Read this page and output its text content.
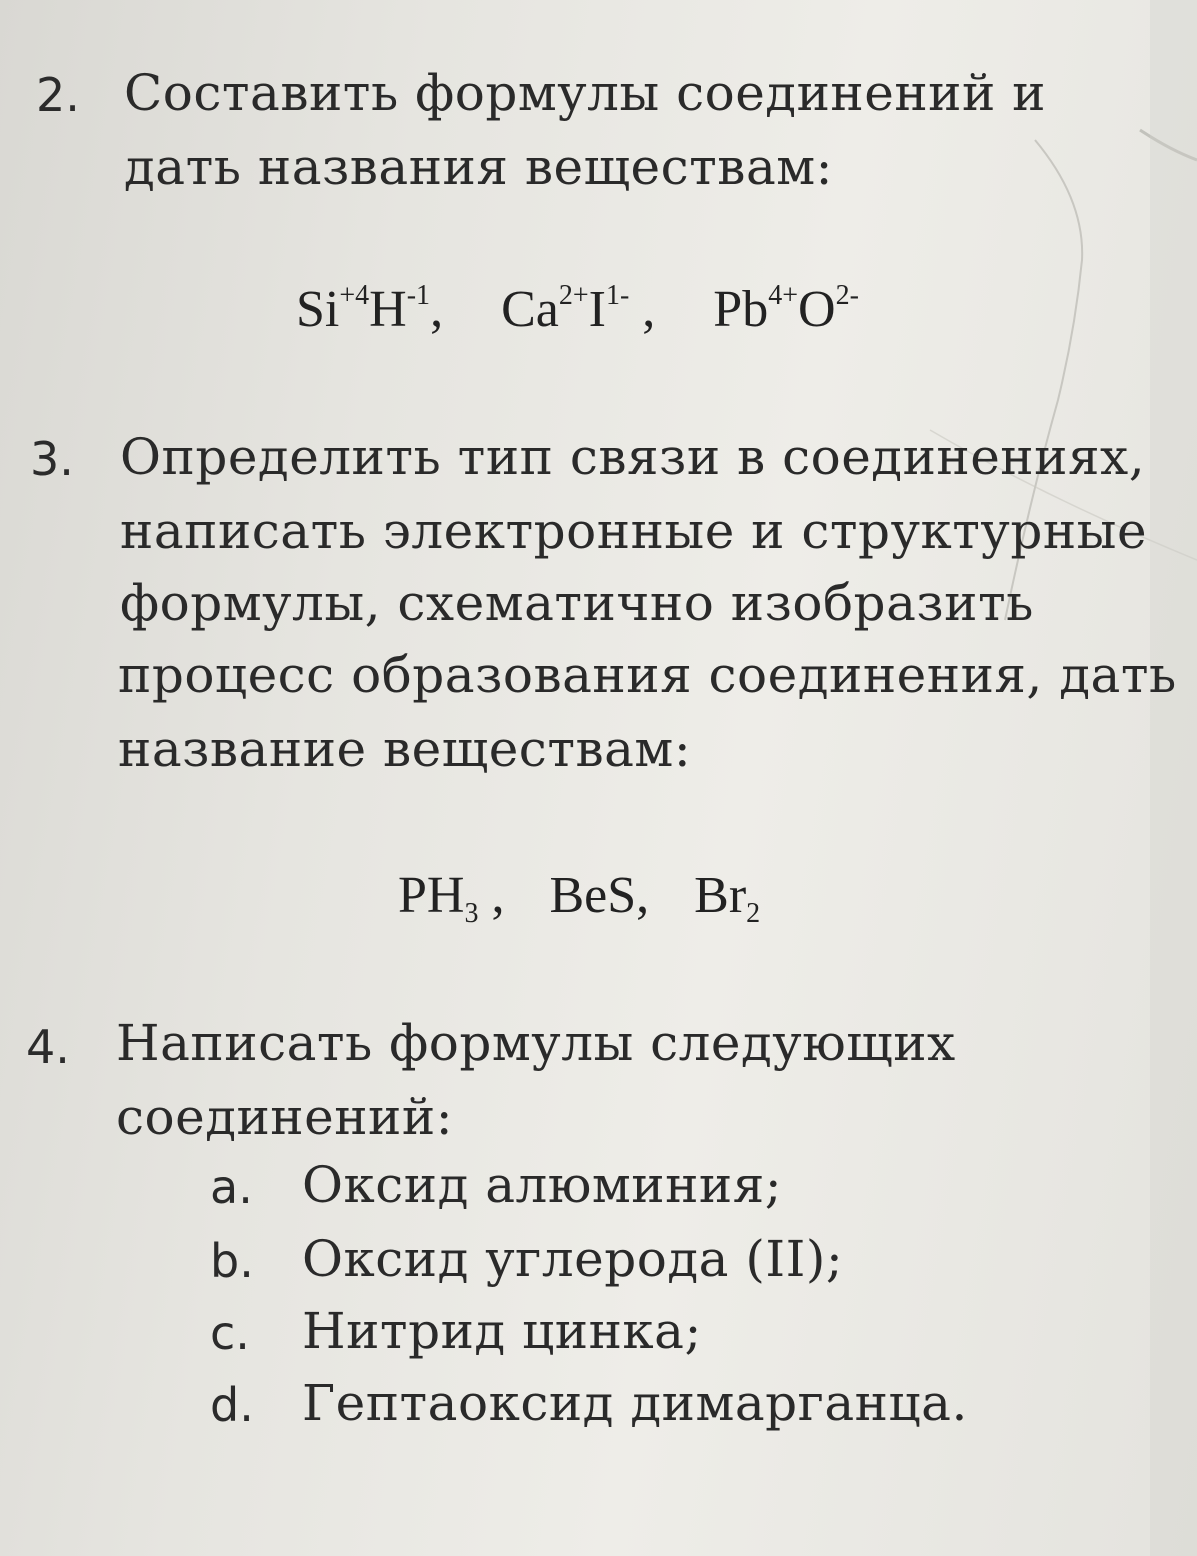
2. Составить формулы соединений и
дать названия веществам:
$Si^{+4}H^{-1}$, $Ca^{2+}I^{1-}$ , $Pb^{4+}O^{2-}$
3. Определить тип связи в соединениях,
написать электронные и структурные
формулы, схематично изобразить
процесс образования соединения, дать
название веществам:
$PH_3$ , BeS, $Br_2$
4. Написать формулы следующих
соединений:
a. Оксид алюминия;
b. Оксид углерода (II);
c. Нитрид цинка;
d. Гептаоксид димарганца.
